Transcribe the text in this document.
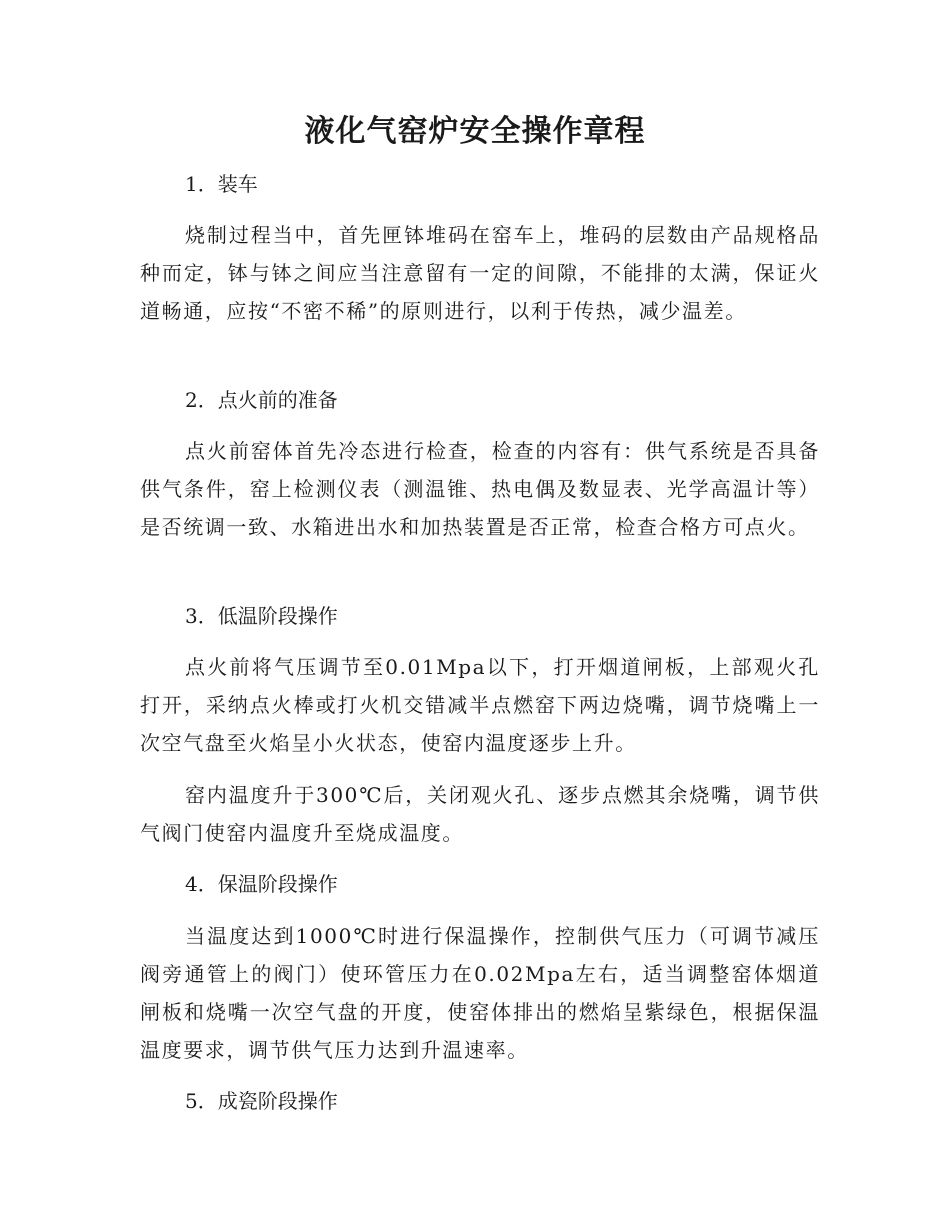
液化气窑炉安全操作章程
1．装车
烧制过程当中，首先匣钵堆码在窑车上，堆码的层数由产品规格品种而定，钵与钵之间应当注意留有一定的间隙，不能排的太满，保证火道畅通，应按“不密不稀”的原则进行，以利于传热，减少温差。
2．点火前的准备
点火前窑体首先冷态进行检查，检查的内容有：供气系统是否具备供气条件，窑上检测仪表（测温锥、热电偶及数显表、光学高温计等）是否统调一致、水箱进出水和加热装置是否正常，检查合格方可点火。
3．低温阶段操作
点火前将气压调节至0.01Mpa以下，打开烟道闸板，上部观火孔打开，采纳点火棒或打火机交错减半点燃窑下两边烧嘴，调节烧嘴上一次空气盘至火焰呈小火状态，使窑内温度逐步上升。
窑内温度升于300℃后，关闭观火孔、逐步点燃其余烧嘴，调节供气阀门使窑内温度升至烧成温度。
4．保温阶段操作
当温度达到1000℃时进行保温操作，控制供气压力（可调节减压阀旁通管上的阀门）使环管压力在0.02Mpa左右，适当调整窑体烟道闸板和烧嘴一次空气盘的开度，使窑体排出的燃焰呈紫绿色，根据保温温度要求，调节供气压力达到升温速率。
5．成瓷阶段操作
